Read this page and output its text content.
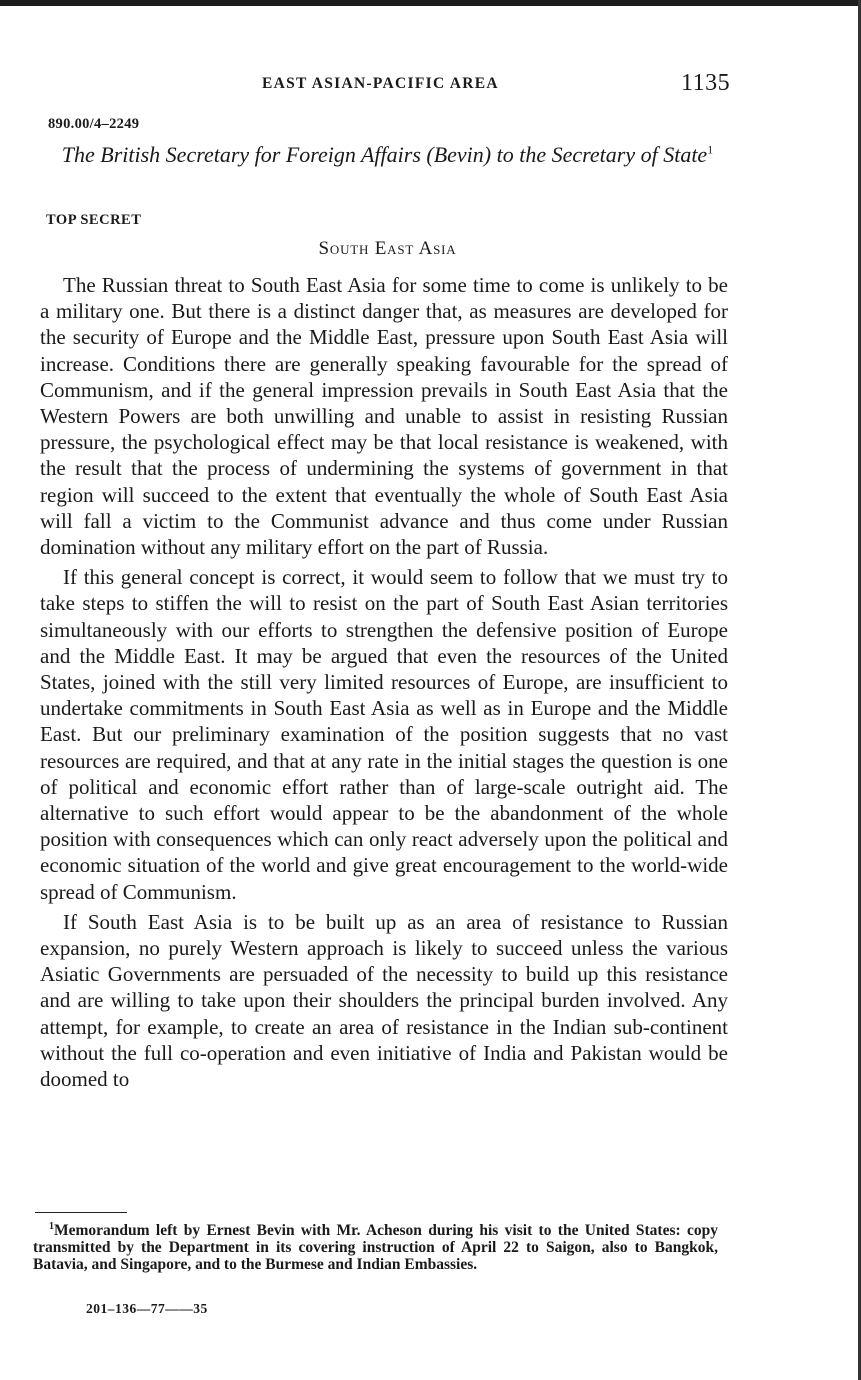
EAST ASIAN-PACIFIC AREA	1135
890.00/4–2249
The British Secretary for Foreign Affairs (Bevin) to the Secretary of State$^1$
TOP SECRET
South East Asia

The Russian threat to South East Asia for some time to come is unlikely to be a military one. But there is a distinct danger that, as measures are developed for the security of Europe and the Middle East, pressure upon South East Asia will increase. Conditions there are generally speaking favourable for the spread of Communism, and if the general impression prevails in South East Asia that the Western Powers are both unwilling and unable to assist in resisting Russian pressure, the psychological effect may be that local resistance is weakened, with the result that the process of undermining the systems of government in that region will succeed to the extent that eventually the whole of South East Asia will fall a victim to the Communist advance and thus come under Russian domination without any military effort on the part of Russia.

If this general concept is correct, it would seem to follow that we must try to take steps to stiffen the will to resist on the part of South East Asian territories simultaneously with our efforts to strengthen the defensive position of Europe and the Middle East. It may be argued that even the resources of the United States, joined with the still very limited resources of Europe, are insufficient to undertake commitments in South East Asia as well as in Europe and the Middle East. But our preliminary examination of the position suggests that no vast resources are required, and that at any rate in the initial stages the question is one of political and economic effort rather than of large-scale outright aid. The alternative to such effort would appear to be the abandonment of the whole position with consequences which can only react adversely upon the political and economic situation of the world and give great encouragement to the world-wide spread of Communism.

If South East Asia is to be built up as an area of resistance to Russian expansion, no purely Western approach is likely to succeed unless the various Asiatic Governments are persuaded of the necessity to build up this resistance and are willing to take upon their shoulders the principal burden involved. Any attempt, for example, to create an area of resistance in the Indian sub-continent without the full co-operation and even initiative of India and Pakistan would be doomed to

$^1$Memorandum left by Ernest Bevin with Mr. Acheson during his visit to the United States: copy transmitted by the Department in its covering instruction of April 22 to Saigon, also to Bangkok, Batavia, and Singapore, and to the Burmese and Indian Embassies.
201–136—77——35
